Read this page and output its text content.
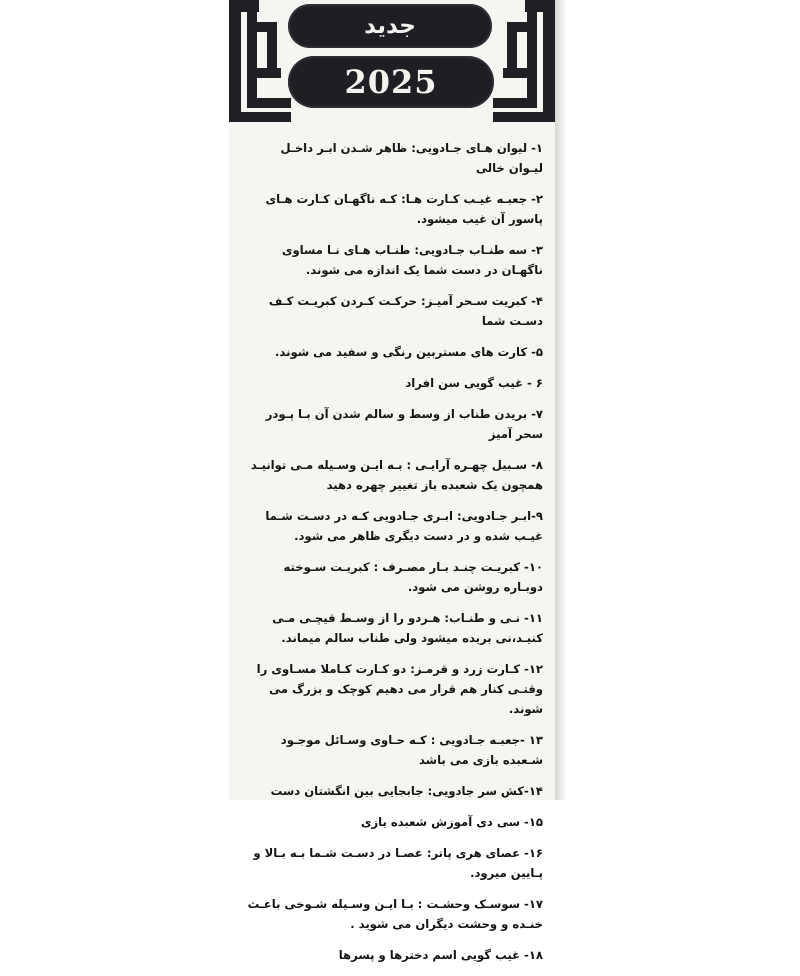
جدید
2025

۱- لیوان هـای جـادویی: ظاهر شـدن ابـر داخـل لیـوان خالی

۲- جعبـه غیـب کـارت هـا: کـه ناگهـان کـارت هـای پاسور آن غیب میشود.

۳- سه طنـاب جـادویی: طنـاب هـای نـا مساوی ناگهـان در دست شما یک اندازه می شوند.

۴- کبریت سـحر آمیـز: حرکـت کـردن کبریـت کـف دسـت شما

۵- کارت های مستربین رنگی و سفید می شوند.

۶ - غیب گویی سن افراد

۷- بریدن طناب از وسط و سالم شدن آن بـا پـودر سحر آمیز

۸- سـبیل چهـره آرایـی : بـه ایـن وسـیله مـی توانیـد همچون یک شعبده باز تغییر چهره دهید

۹-ابـر جـادویی: ابـری جـادویی کـه در دسـت شـما غیـب شده و در دست دیگری ظاهر می شود.

۱۰- کبریـت چنـد بـار مصـرف : کبریـت سـوخته دوبـاره روشن می شود.

۱۱- نـی و طنـاب: هـردو را از وسـط قیچـی مـی کنیـد،نی بریده میشود ولی طناب سالم میماند.

۱۲- کـارت زرد و قرمـز: دو کـارت کـاملا مسـاوی را وقتـی کنار هم قرار می دهیم کوچک و بزرگ می شوند.

۱۳ -جعبـه جـادویی : کـه حـاوی وسـائل موجـود شـعبده بازی می باشد

۱۴-کش سر جادویی: جابجایی بین انگشتان دست

۱۵- سی دی آموزش شعبده بازی

۱۶- عصای هری پاتر: عصـا در دسـت شـما بـه بـالا و پـایین میرود.

۱۷- سوسـک وحشـت : بـا ایـن وسـیله شـوخی باعـث خنـده و وحشت دیگران می شوید .

۱۸- غیب گویی اسم دخترها و پسرها
